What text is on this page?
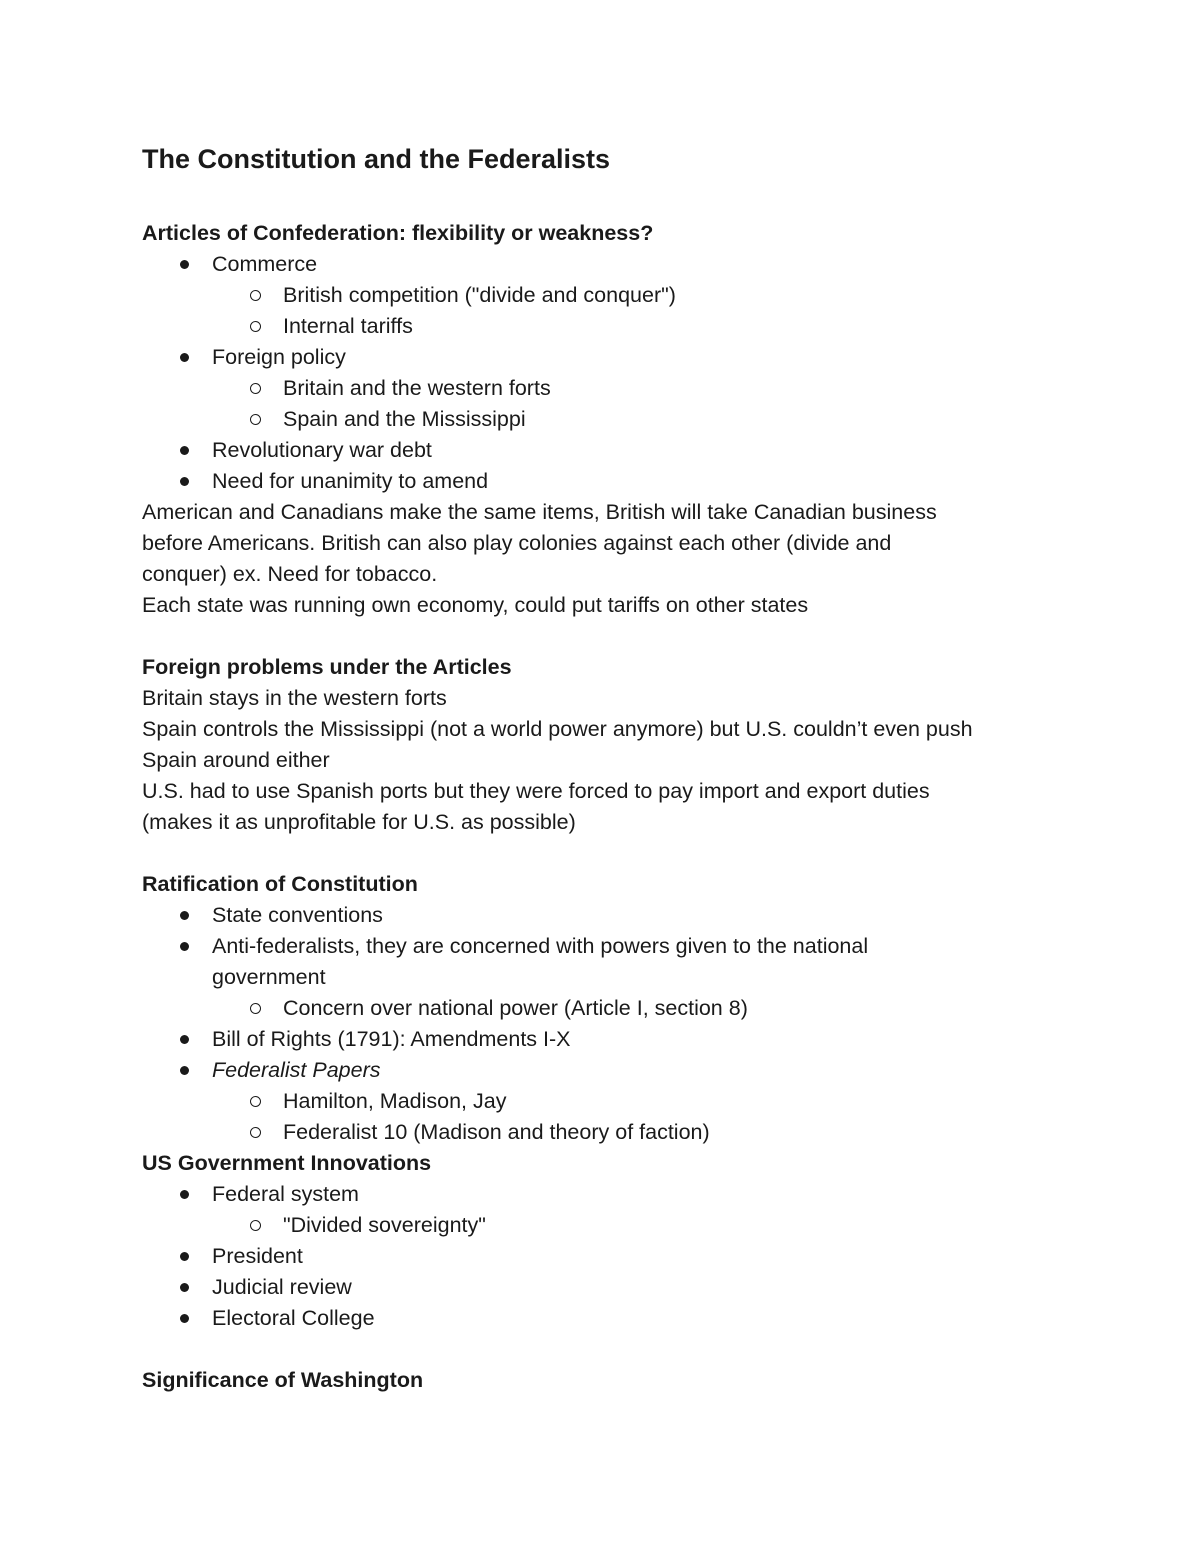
The Constitution and the Federalists
Articles of Confederation: flexibility or weakness?
Commerce
British competition ("divide and conquer")
Internal tariffs
Foreign policy
Britain and the western forts
Spain and the Mississippi
Revolutionary war debt
Need for unanimity to amend
American and Canadians make the same items, British will take Canadian business
before Americans. British can also play colonies against each other (divide and
conquer) ex. Need for tobacco.
Each state was running own economy, could put tariffs on other states
Foreign problems under the Articles
Britain stays in the western forts
Spain controls the Mississippi (not a world power anymore) but U.S. couldn’t even push
Spain around either
U.S. had to use Spanish ports but they were forced to pay import and export duties
(makes it as unprofitable for U.S. as possible)
Ratification of Constitution
State conventions
Anti-federalists, they are concerned with powers given to the national
government
Concern over national power (Article I, section 8)
Bill of Rights (1791): Amendments I-X
Federalist Papers
Hamilton, Madison, Jay
Federalist 10 (Madison and theory of faction)
US Government Innovations
Federal system
"Divided sovereignty"
President
Judicial review
Electoral College
Significance of Washington
